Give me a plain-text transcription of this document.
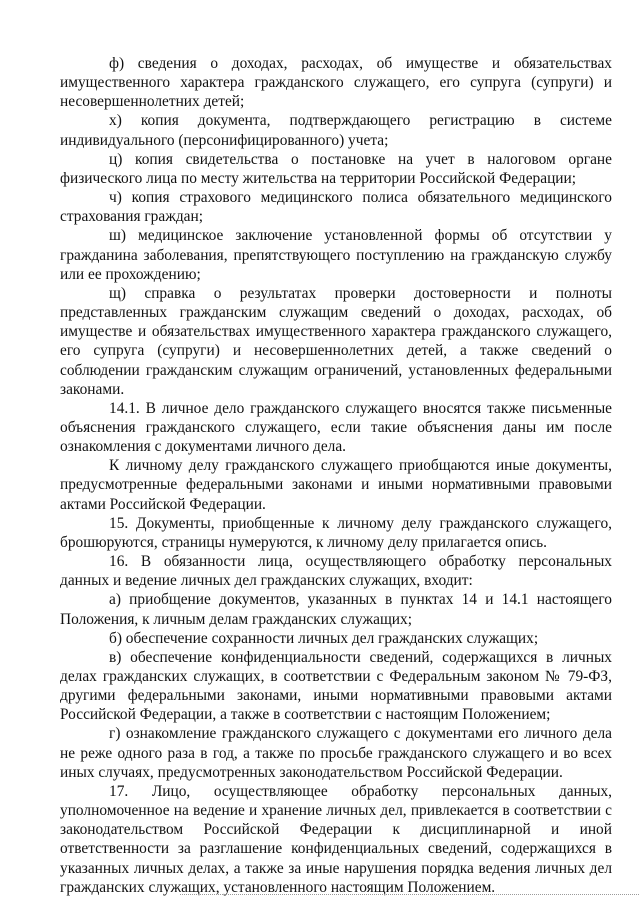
ф) сведения о доходах, расходах, об имуществе и обязательствах имущественного характера гражданского служащего, его супруга (супруги) и несовершеннолетних детей;

х) копия документа, подтверждающего регистрацию в системе индивидуального (персонифицированного) учета;

ц) копия свидетельства о постановке на учет в налоговом органе физического лица по месту жительства на территории Российской Федерации;

ч) копия страхового медицинского полиса обязательного медицинского страхования граждан;

ш) медицинское заключение установленной формы об отсутствии у гражданина заболевания, препятствующего поступлению на гражданскую службу или ее прохождению;

щ) справка о результатах проверки достоверности и полноты представленных гражданским служащим сведений о доходах, расходах, об имуществе и обязательствах имущественного характера гражданского служащего, его супруга (супруги) и несовершеннолетних детей, а также сведений о соблюдении гражданским служащим ограничений, установленных федеральными законами.

14.1. В личное дело гражданского служащего вносятся также письменные объяснения гражданского служащего, если такие объяснения даны им после ознакомления с документами личного дела.

К личному делу гражданского служащего приобщаются иные документы, предусмотренные федеральными законами и иными нормативными правовыми актами Российской Федерации.

15. Документы, приобщенные к личному делу гражданского служащего, брошюруются, страницы нумеруются, к личному делу прилагается опись.

16. В обязанности лица, осуществляющего обработку персональных данных и ведение личных дел гражданских служащих, входит:

а) приобщение документов, указанных в пунктах 14 и 14.1 настоящего Положения, к личным делам гражданских служащих;

б) обеспечение сохранности личных дел гражданских служащих;

в) обеспечение конфиденциальности сведений, содержащихся в личных делах гражданских служащих, в соответствии с Федеральным законом № 79-ФЗ, другими федеральными законами, иными нормативными правовыми актами Российской Федерации, а также в соответствии с настоящим Положением;

г) ознакомление гражданского служащего с документами его личного дела не реже одного раза в год, а также по просьбе гражданского служащего и во всех иных случаях, предусмотренных законодательством Российской Федерации.

17. Лицо, осуществляющее обработку персональных данных, уполномоченное на ведение и хранение личных дел, привлекается в соответствии с законодательством Российской Федерации к дисциплинарной и иной ответственности за разглашение конфиденциальных сведений, содержащихся в указанных личных делах, а также за иные нарушения порядка ведения личных дел гражданских служащих, установленного настоящим Положением.
